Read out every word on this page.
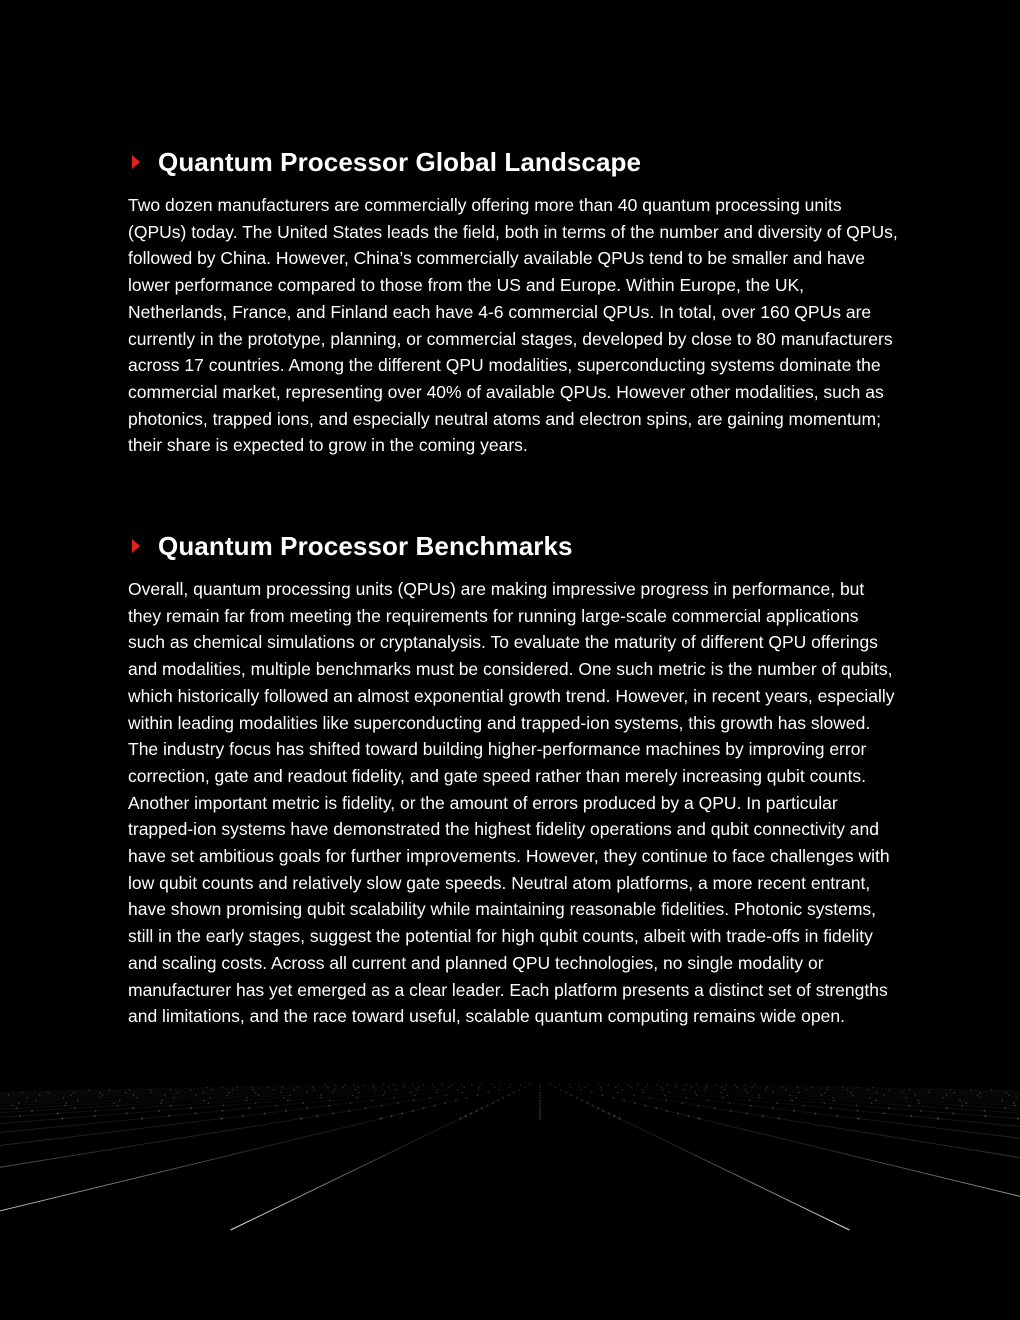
Quantum Processor Global Landscape

Two dozen manufacturers are commercially offering more than 40 quantum processing units (QPUs) today. The United States leads the field, both in terms of the number and diversity of QPUs, followed by China. However, China’s commercially available QPUs tend to be smaller and have lower performance compared to those from the US and Europe. Within Europe, the UK, Netherlands, France, and Finland each have 4-6 commercial QPUs. In total, over 160 QPUs are currently in the prototype, planning, or commercial stages, developed by close to 80 manufacturers across 17 countries. Among the different QPU modalities, superconducting systems dominate the commercial market, representing over 40% of available QPUs. However other modalities, such as photonics, trapped ions, and especially neutral atoms and electron spins, are gaining momentum; their share is expected to grow in the coming years.

Quantum Processor Benchmarks

Overall, quantum processing units (QPUs) are making impressive progress in performance, but they remain far from meeting the requirements for running large-scale commercial applications such as chemical simulations or cryptanalysis. To evaluate the maturity of different QPU offerings and modalities, multiple benchmarks must be considered. One such metric is the number of qubits, which historically followed an almost exponential growth trend. However, in recent years, especially within leading modalities like superconducting and trapped-ion systems, this growth has slowed. The industry focus has shifted toward building higher-performance machines by improving error correction, gate and readout fidelity, and gate speed rather than merely increasing qubit counts. Another important metric is fidelity, or the amount of errors produced by a QPU. In particular trapped-ion systems have demonstrated the highest fidelity operations and qubit connectivity and have set ambitious goals for further improvements. However, they continue to face challenges with low qubit counts and relatively slow gate speeds. Neutral atom platforms, a more recent entrant, have shown promising qubit scalability while maintaining reasonable fidelities. Photonic systems, still in the early stages, suggest the potential for high qubit counts, albeit with trade-offs in fidelity and scaling costs. Across all current and planned QPU technologies, no single modality or manufacturer has yet emerged as a clear leader. Each platform presents a distinct set of strengths and limitations, and the race toward useful, scalable quantum computing remains wide open.
